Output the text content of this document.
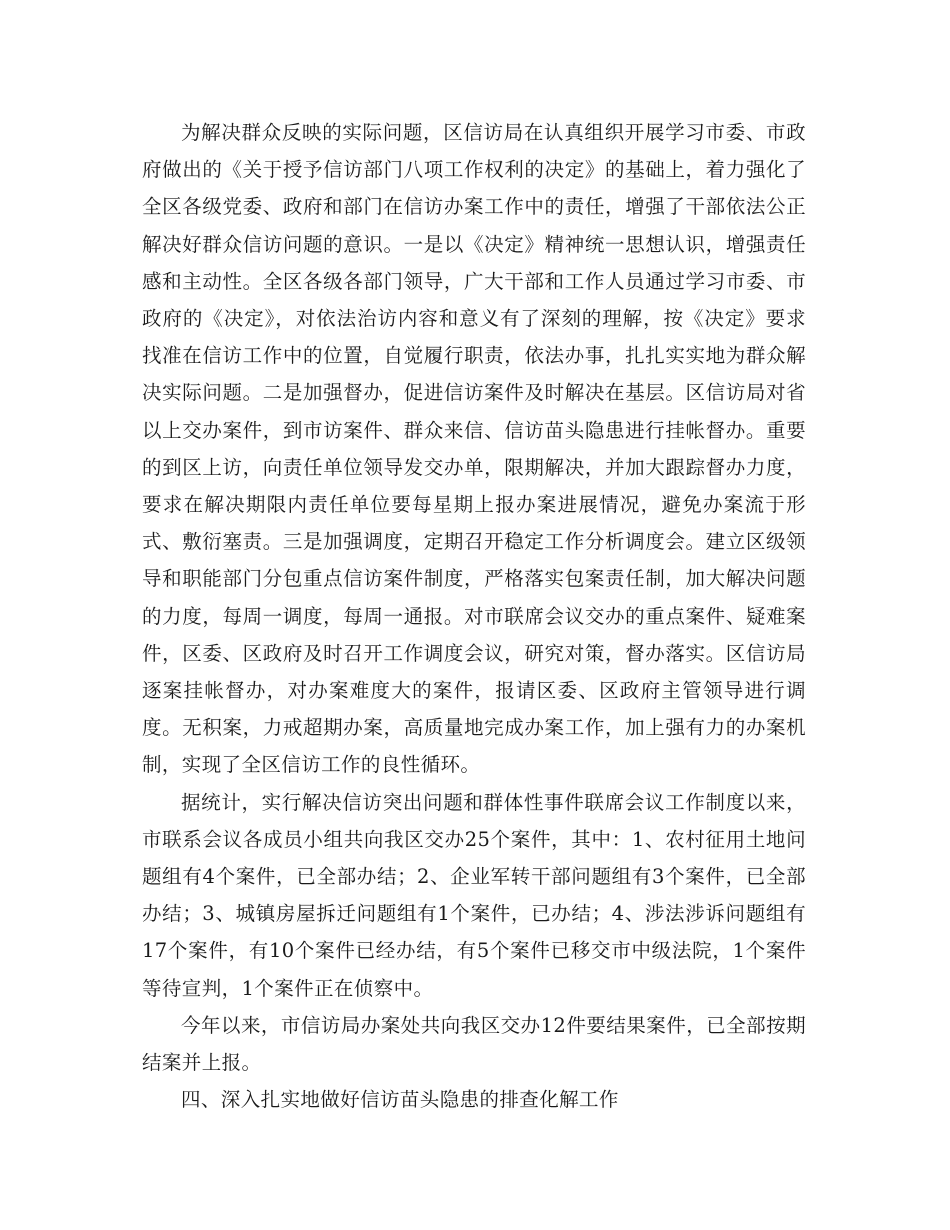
为解决群众反映的实际问题，区信访局在认真组织开展学习市委、市政府做出的《关于授予信访部门八项工作权利的决定》的基础上，着力强化了全区各级党委、政府和部门在信访办案工作中的责任，增强了干部依法公正解决好群众信访问题的意识。一是以《决定》精神统一思想认识，增强责任感和主动性。全区各级各部门领导，广大干部和工作人员通过学习市委、市政府的《决定》，对依法治访内容和意义有了深刻的理解，按《决定》要求找准在信访工作中的位置，自觉履行职责，依法办事，扎扎实实地为群众解决实际问题。二是加强督办，促进信访案件及时解决在基层。区信访局对省以上交办案件，到市访案件、群众来信、信访苗头隐患进行挂帐督办。重要的到区上访，向责任单位领导发交办单，限期解决，并加大跟踪督办力度，要求在解决期限内责任单位要每星期上报办案进展情况，避免办案流于形式、敷衍塞责。三是加强调度，定期召开稳定工作分析调度会。建立区级领导和职能部门分包重点信访案件制度，严格落实包案责任制，加大解决问题的力度，每周一调度，每周一通报。对市联席会议交办的重点案件、疑难案件，区委、区政府及时召开工作调度会议，研究对策，督办落实。区信访局逐案挂帐督办，对办案难度大的案件，报请区委、区政府主管领导进行调度。无积案，力戒超期办案，高质量地完成办案工作，加上强有力的办案机制，实现了全区信访工作的良性循环。

据统计，实行解决信访突出问题和群体性事件联席会议工作制度以来，市联系会议各成员小组共向我区交办25个案件，其中：1、农村征用土地问题组有4个案件，已全部办结；2、企业军转干部问题组有3个案件，已全部办结；3、城镇房屋拆迁问题组有1个案件，已办结；4、涉法涉诉问题组有17个案件，有10个案件已经办结，有5个案件已移交市中级法院，1个案件等待宣判，1个案件正在侦察中。

今年以来，市信访局办案处共向我区交办12件要结果案件，已全部按期结案并上报。

四、深入扎实地做好信访苗头隐患的排查化解工作
